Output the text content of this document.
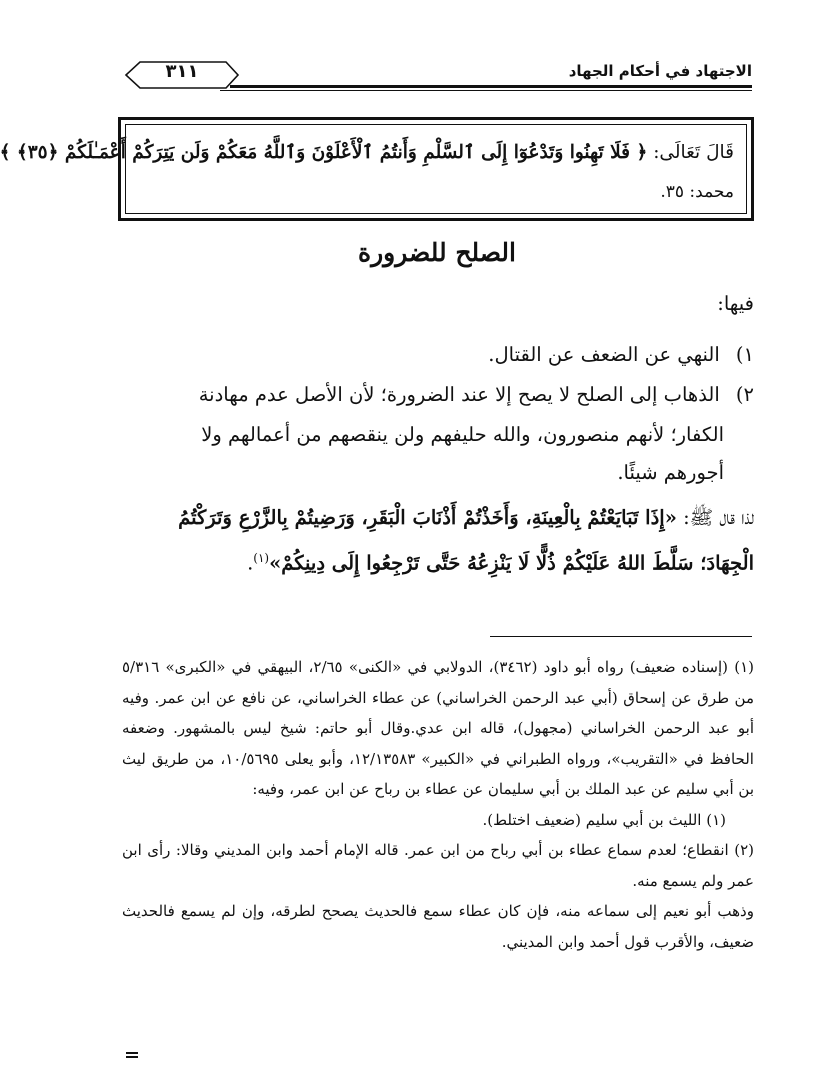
٣١١	الاجتهاد في أحكام الجهاد
قَالَ تَعَالَى: ﴿ فَلَا تَهِنُوا وَتَدْعُوٓا إِلَى ٱلسَّلْمِ وَأَنتُمُ ٱلْأَعْلَوْنَ وَٱللَّهُ مَعَكُمْ وَلَن يَتِرَكُمْ أَعْمَـٰلَكُمْ ﴿٣٥﴾ ﴾
محمد: ٣٥.
الصلح للضرورة

فيها:

١) النهي عن الضعف عن القتال.

٢) الذهاب إلى الصلح لا يصح إلا عند الضرورة؛ لأن الأصل عدم مهادنة

الكفار؛ لأنهم منصورون، والله حليفهم ولن ينقصهم من أعمالهم ولا
أجورهم شيئًا.

لذا قال ﷺ: «إِذَا تَبَايَعْتُمْ بِالْعِينَةِ، وَأَخَذْتُمْ أَذْنَابَ الْبَقَرِ، وَرَضِيتُمْ بِالزَّرْعِ وَتَرَكْتُمُ الْجِهَادَ؛ سَلَّطَ اللهُ عَلَيْكُمْ ذُلًّا لَا يَنْزِعُهُ حَتَّى تَرْجِعُوا إِلَى دِينِكُمْ»$^{(١)}$.

(١) (إسناده ضعيف) رواه أبو داود (٣٤٦٢)، الدولابي في «الكنى» ٢/٦٥، البيهقي في «الكبرى» ٥/٣١٦ من طرق عن إسحاق (أبي عبد الرحمن الخراساني) عن عطاء الخراساني، عن نافع عن ابن عمر. وفيه أبو عبد الرحمن الخراساني (مجهول)، قاله ابن عدي.وقال أبو حاتم: شيخ ليس بالمشهور. وضعفه الحافظ في «التقريب»، ورواه الطبراني في «الكبير» ١٢/١٣٥٨٣، وأبو يعلى ١٠/٥٦٩٥، من طريق ليث بن أبي سليم عن عبد الملك بن أبي سليمان عن عطاء بن رباح عن ابن عمر، وفيه:

(١) الليث بن أبي سليم (ضعيف اختلط).

(٢) انقطاع؛ لعدم سماع عطاء بن أبي رباح من ابن عمر. قاله الإمام أحمد وابن المديني وقالا: رأى ابن عمر ولم يسمع منه.

وذهب أبو نعيم إلى سماعه منه، فإن كان عطاء سمع فالحديث يصحح لطرقه، وإن لم يسمع فالحديث ضعيف، والأقرب قول أحمد وابن المديني.
